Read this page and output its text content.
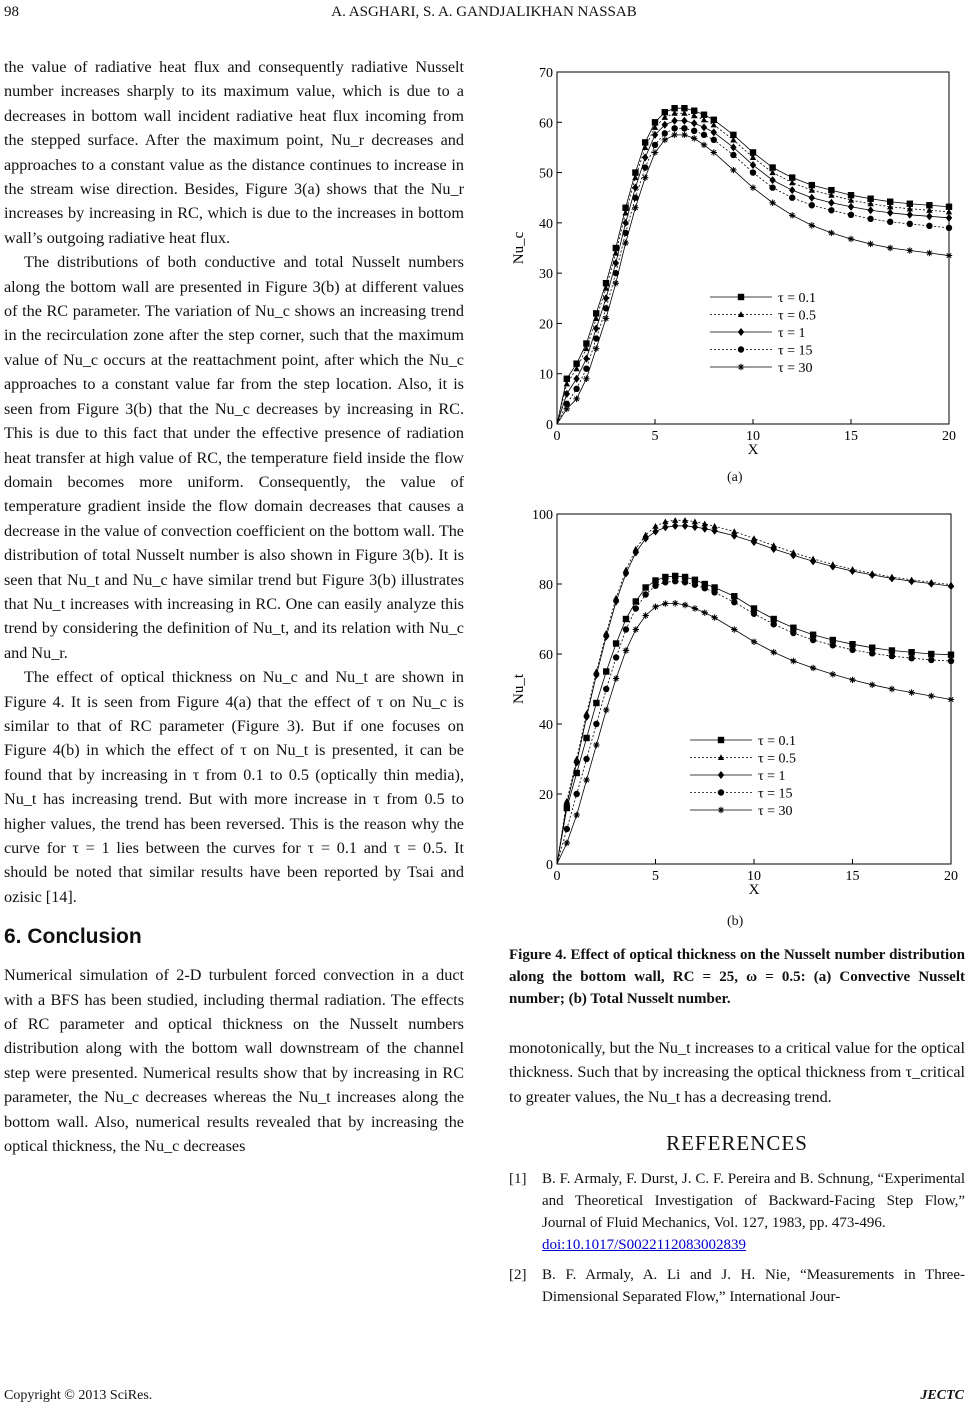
98	A. ASGHARI, S. A. GANDJALIKHAN NASSAB

the value of radiative heat flux and consequently radiative Nusselt number increases sharply to its maximum value, which is due to a decreases in bottom wall incident radiative heat flux incoming from the stepped surface. After the maximum point, Nu_r decreases and approaches to a constant value as the distance continues to increase in the stream wise direction. Besides, Figure 3(a) shows that the Nu_r increases by increasing in RC, which is due to the increases in bottom wall’s outgoing radiative heat flux.

The distributions of both conductive and total Nusselt numbers along the bottom wall are presented in Figure 3(b) at different values of the RC parameter. The variation of Nu_c shows an increasing trend in the recirculation zone after the step corner, such that the maximum value of Nu_c occurs at the reattachment point, after which the Nu_c approaches to a constant value far from the step location. Also, it is seen from Figure 3(b) that the Nu_c decreases by increasing in RC. This is due to this fact that under the effective presence of radiation heat transfer at high value of RC, the temperature field inside the flow domain becomes more uniform. Consequently, the value of temperature gradient inside the flow domain decreases that causes a decrease in the value of convection coefficient on the bottom wall. The distribution of total Nusselt number is also shown in Figure 3(b). It is seen that Nu_t and Nu_c have similar trend but Figure 3(b) illustrates that Nu_t increases with increasing in RC. One can easily analyze this trend by considering the definition of Nu_t, and its relation with Nu_c and Nu_r.

The effect of optical thickness on Nu_c and Nu_t are shown in Figure 4. It is seen from Figure 4(a) that the effect of τ on Nu_c is similar to that of RC parameter (Figure 3). But if one focuses on Figure 4(b) in which the effect of τ on Nu_t is presented, it can be found that by increasing in τ from 0.1 to 0.5 (optically thin media), Nu_t has increasing trend. But with more increase in τ from 0.5 to higher values, the trend has been reversed. This is the reason why the curve for τ = 1 lies between the curves for τ = 0.1 and τ = 0.5. It should be noted that similar results have been reported by Tsai and ozisic [14].

6. Conclusion

Numerical simulation of 2-D turbulent forced convection in a duct with a BFS has been studied, including thermal radiation. The effects of RC parameter and optical thickness on the Nusselt numbers distribution along with the bottom wall downstream of the channel step were presented. Numerical results show that by increasing in RC parameter, the Nu_c decreases whereas the Nu_t increases along the bottom wall. Also, numerical results revealed that by increasing the optical thickness, the Nu_c decreases

0	5	10	15	20
0
10
20
30
40
50
60
70
X
Nu_c
τ = 0.1
τ = 0.5
τ = 1
τ = 15
τ = 30
(a)
0	5	10	15	20
0
20
40
60
80
100
X
Nu_t
τ = 0.1
τ = 0.5
τ = 1
τ = 15
τ = 30
(b)
Figure 4. Effect of optical thickness on the Nusselt number distribution along the bottom wall, RC = 25, ω = 0.5: (a) Convective Nusselt number; (b) Total Nusselt number.

monotonically, but the Nu_t increases to a critical value for the optical thickness. Such that by increasing the optical thickness from τ_critical to greater values, the Nu_t has a decreasing trend.

REFERENCES
[1]	B. F. Armaly, F. Durst, J. C. F. Pereira and B. Schnung, “Experimental and Theoretical Investigation of Backward-Facing Step Flow,” Journal of Fluid Mechanics, Vol. 127, 1983, pp. 473-496.
doi:10.1017/S0022112083002839
[2]	B. F. Armaly, A. Li and J. H. Nie, “Measurements in Three-Dimensional Separated Flow,” International Jour-
Copyright © 2013 SciRes.	JECTC
